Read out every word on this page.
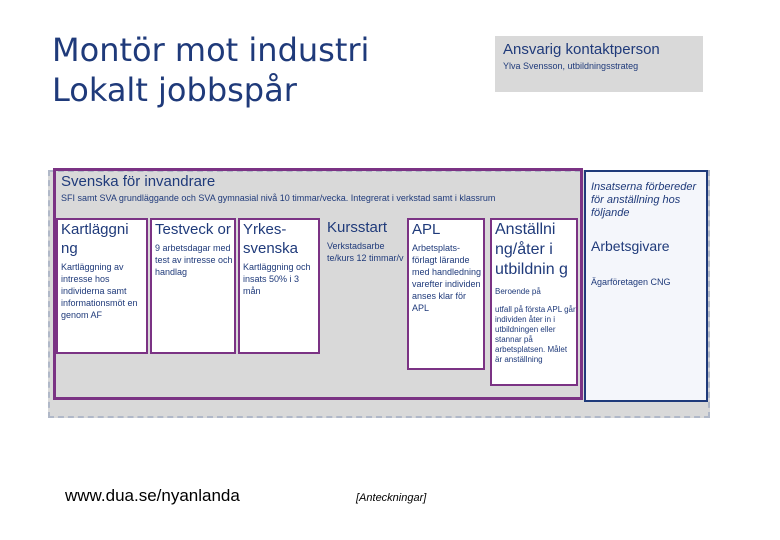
Montör mot industri
Lokalt jobbspår
Ansvarig kontaktperson
Ylva Svensson, utbildningsstrateg
Svenska för invandrare
SFI samt SVA grundläggande och SVA gymnasial nivå 10 timmar/vecka. Integrerat i verkstad samt i klassrum
Kartläggni ng
Kartläggning av intresse hos individerna samt informationsmöt en genom AF
Testveck or
9 arbetsdagar med test av intresse och handlag
Yrkes-svenska
Kartläggning och insats 50% i 3 mån
Kursstart
Verkstadsarbe te/kurs 12 timmar/v
APL
Arbetsplats-förlagt lärande med handledning varefter individen anses klar för APL
Anställni ng/åter i utbildnin g Beroende på
utfall på första APL går individen åter in i utbildningen eller stannar på arbetsplatsen. Målet är anställning
Insatserna förbereder för anställning hos följande
Arbetsgivare
Ägarföretagen CNG
www.dua.se/nyanlanda	[Anteckningar]
